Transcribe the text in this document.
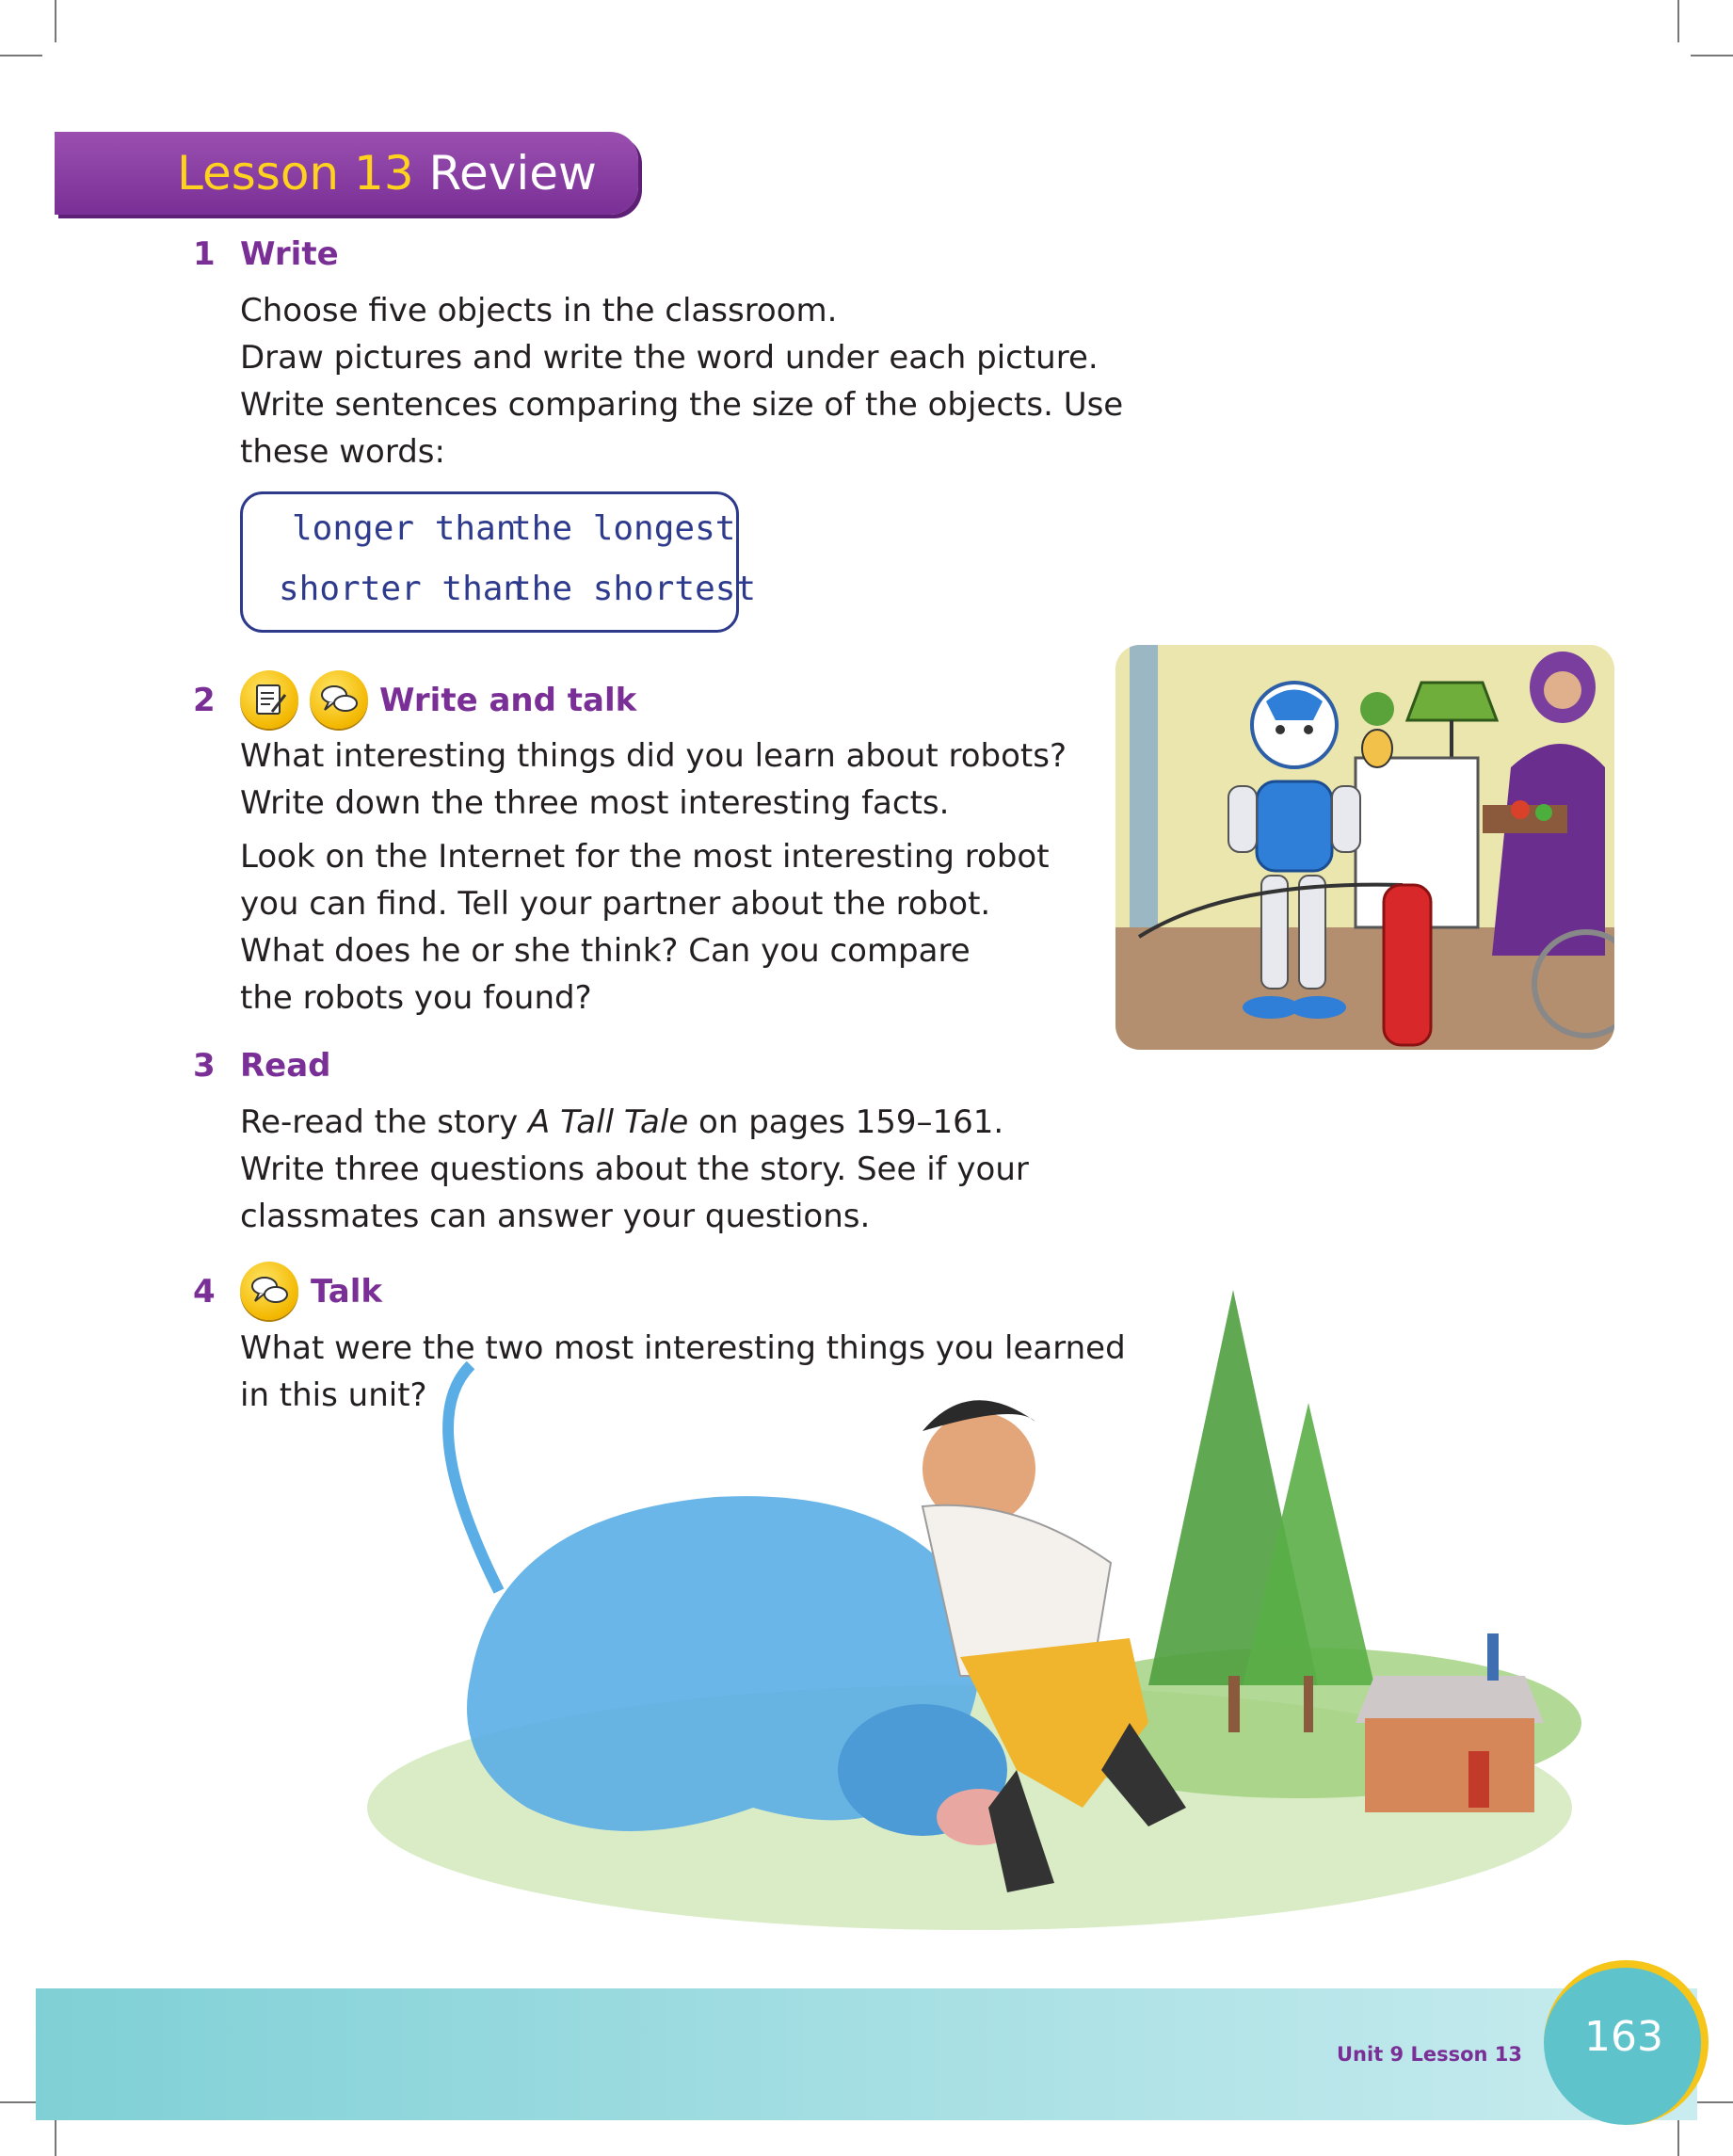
Lesson 13 Review
1 Write

Choose five objects in the classroom.

Draw pictures and write the word under each picture.

Write sentences comparing the size of the objects. Use

these words:

longer than
the longest
shorter than
the shortest
2	Write and talk

What interesting things did you learn about robots?

Write down the three most interesting facts.

Look on the Internet for the most interesting robot

you can find. Tell your partner about the robot.

What does he or she think? Can you compare

the robots you found?

3 Read

Re-read the story A Tall Tale on pages 159–161.

Write three questions about the story. See if your

classmates can answer your questions.

4	Talk

What were the two most interesting things you learned

in this unit?

Unit 9 Lesson 13	163
